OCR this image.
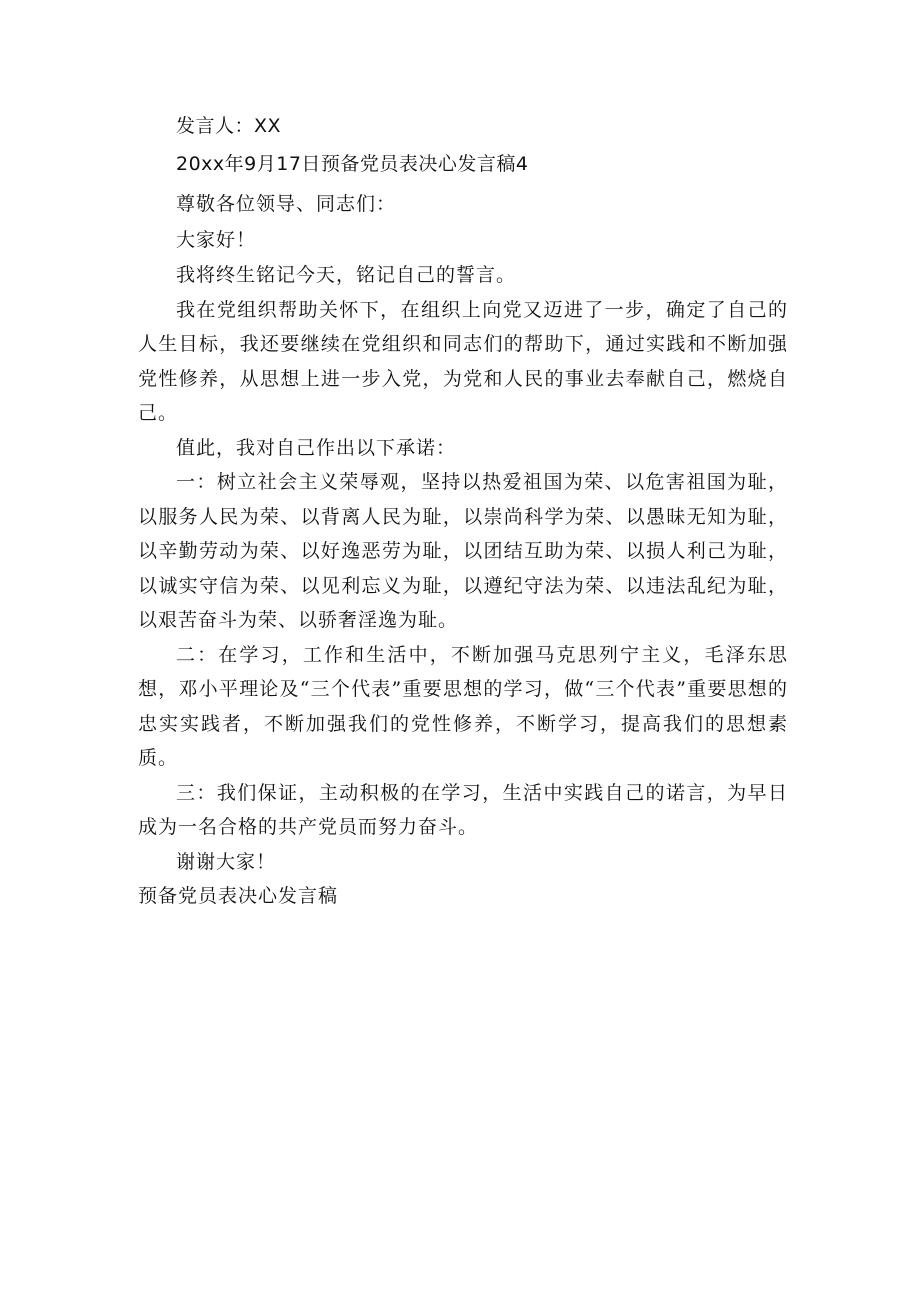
发言人：XX
20xx年9月17日预备党员表决心发言稿4
尊敬各位领导、同志们：
大家好！
我将终生铭记今天，铭记自己的誓言。
我在党组织帮助关怀下，在组织上向党又迈进了一步，确定了自己的人生目标，我还要继续在党组织和同志们的帮助下，通过实践和不断加强党性修养，从思想上进一步入党，为党和人民的事业去奉献自己，燃烧自己。
值此，我对自己作出以下承诺：
一：树立社会主义荣辱观，坚持以热爱祖国为荣、以危害祖国为耻，以服务人民为荣、以背离人民为耻，以崇尚科学为荣、以愚昧无知为耻，以辛勤劳动为荣、以好逸恶劳为耻，以团结互助为荣、以损人利己为耻，以诚实守信为荣、以见利忘义为耻，以遵纪守法为荣、以违法乱纪为耻，以艰苦奋斗为荣、以骄奢淫逸为耻。
二：在学习，工作和生活中，不断加强马克思列宁主义，毛泽东思想，邓小平理论及“三个代表”重要思想的学习，做“三个代表”重要思想的忠实实践者，不断加强我们的党性修养，不断学习，提高我们的思想素质。
三：我们保证，主动积极的在学习，生活中实践自己的诺言，为早日成为一名合格的共产党员而努力奋斗。
谢谢大家！
预备党员表决心发言稿
